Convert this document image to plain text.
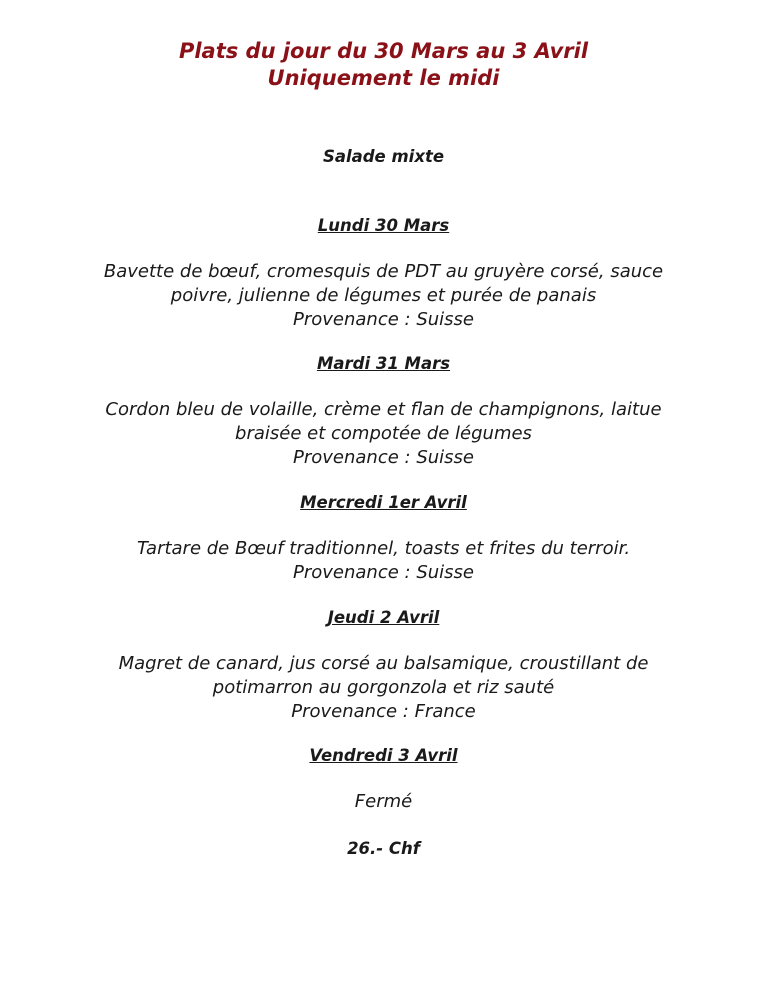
Plats du jour du 30 Mars au 3 Avril
Uniquement le midi
Salade mixte
Lundi 30 Mars
Bavette de bœuf, cromesquis de PDT au gruyère corsé, sauce
poivre, julienne de légumes et purée de panais
Provenance : Suisse
Mardi 31 Mars
Cordon bleu de volaille, crème et flan de champignons, laitue
braisée et compotée de légumes
Provenance : Suisse
Mercredi 1er Avril
Tartare de Bœuf traditionnel, toasts et frites du terroir.
Provenance : Suisse
Jeudi 2 Avril
Magret de canard, jus corsé au balsamique, croustillant de
potimarron au gorgonzola et riz sauté
Provenance : France
Vendredi 3 Avril
Fermé
26.- Chf
